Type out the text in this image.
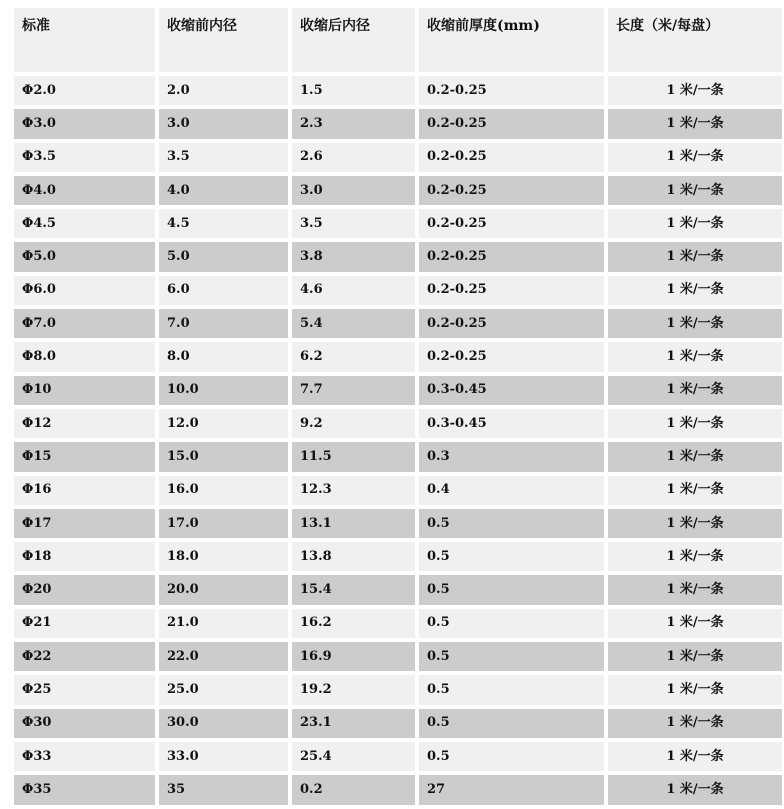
标准	收缩前内径	收缩后内径	收缩前厚度(mm)	长度（米/每盘）
Φ2.0	2.0	1.5	0.2-0.25	1 米/一条
Φ3.0	3.0	2.3	0.2-0.25	1 米/一条
Φ3.5	3.5	2.6	0.2-0.25	1 米/一条
Φ4.0	4.0	3.0	0.2-0.25	1 米/一条
Φ4.5	4.5	3.5	0.2-0.25	1 米/一条
Φ5.0	5.0	3.8	0.2-0.25	1 米/一条
Φ6.0	6.0	4.6	0.2-0.25	1 米/一条
Φ7.0	7.0	5.4	0.2-0.25	1 米/一条
Φ8.0	8.0	6.2	0.2-0.25	1 米/一条
Φ10	10.0	7.7	0.3-0.45	1 米/一条
Φ12	12.0	9.2	0.3-0.45	1 米/一条
Φ15	15.0	11.5	0.3	1 米/一条
Φ16	16.0	12.3	0.4	1 米/一条
Φ17	17.0	13.1	0.5	1 米/一条
Φ18	18.0	13.8	0.5	1 米/一条
Φ20	20.0	15.4	0.5	1 米/一条
Φ21	21.0	16.2	0.5	1 米/一条
Φ22	22.0	16.9	0.5	1 米/一条
Φ25	25.0	19.2	0.5	1 米/一条
Φ30	30.0	23.1	0.5	1 米/一条
Φ33	33.0	25.4	0.5	1 米/一条
Φ35	35	0.2	27	1 米/一条
